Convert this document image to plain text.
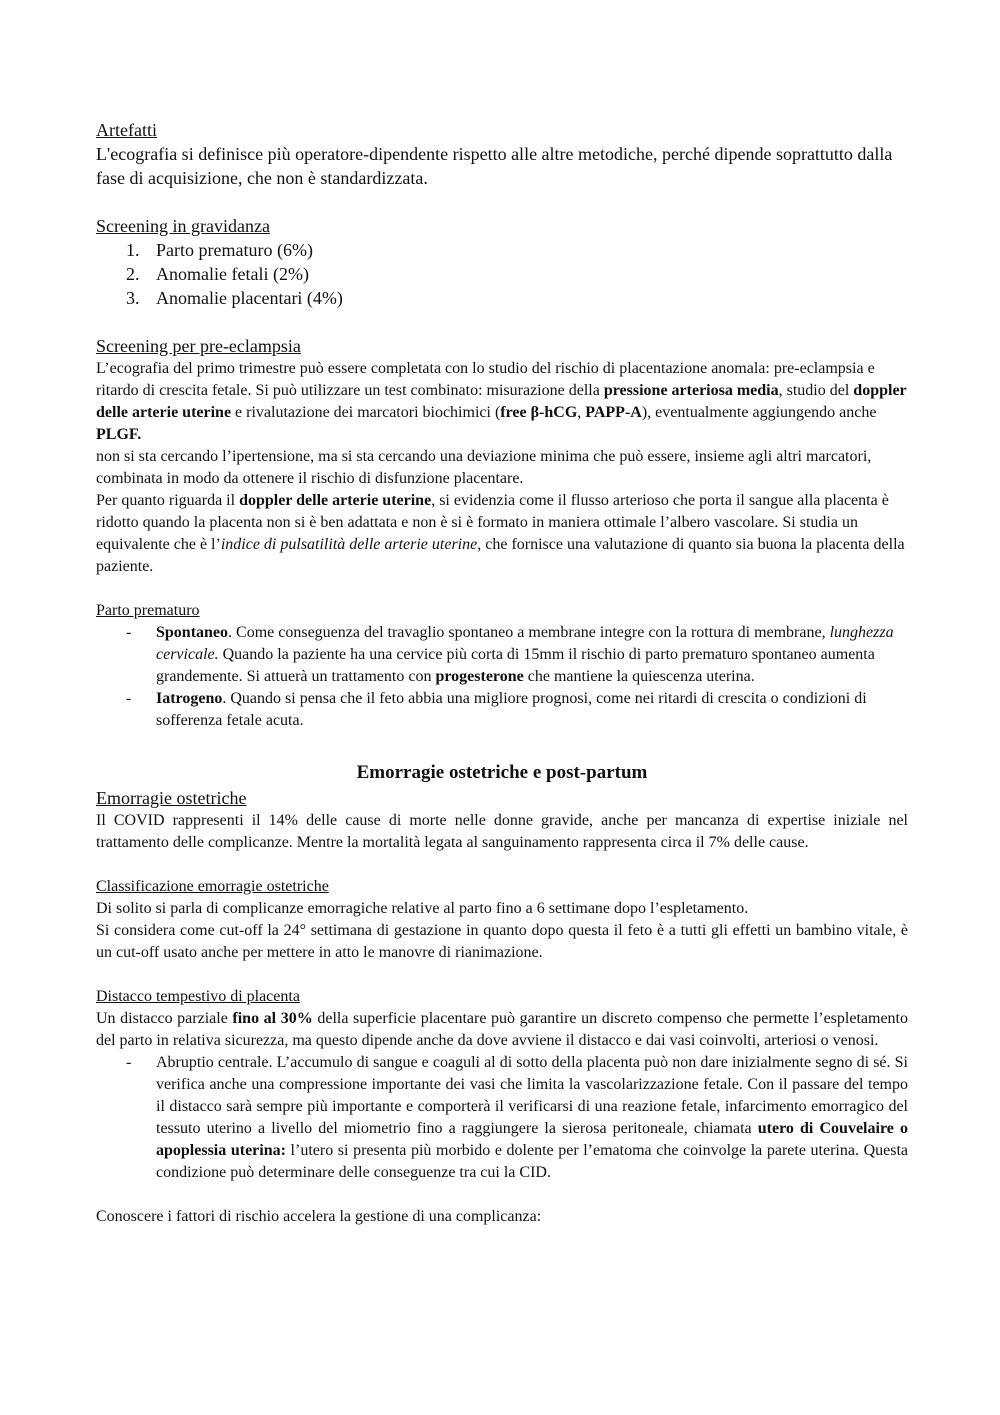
Artefatti

L'ecografia si definisce più operatore-dipendente rispetto alle altre metodiche, perché dipende soprattutto dalla fase di acquisizione, che non è standardizzata.

Screening in gravidanza

1. Parto prematuro (6%)
2. Anomalie fetali (2%)
3. Anomalie placentari (4%)

Screening per pre-eclampsia

L’ecografia del primo trimestre può essere completata con lo studio del rischio di placentazione anomala: pre-eclampsia e ritardo di crescita fetale. Si può utilizzare un test combinato: misurazione della pressione arteriosa media, studio del doppler delle arterie uterine e rivalutazione dei marcatori biochimici (free β-hCG, PAPP-A), eventualmente aggiungendo anche PLGF.

non si sta cercando l’ipertensione, ma si sta cercando una deviazione minima che può essere, insieme agli altri marcatori, combinata in modo da ottenere il rischio di disfunzione placentare.

Per quanto riguarda il doppler delle arterie uterine, si evidenzia come il flusso arterioso che porta il sangue alla placenta è ridotto quando la placenta non si è ben adattata e non è si è formato in maniera ottimale l’albero vascolare. Si studia un equivalente che è l’indice di pulsatilità delle arterie uterine, che fornisce una valutazione di quanto sia buona la placenta della paziente.

Parto prematuro

- Spontaneo. Come conseguenza del travaglio spontaneo a membrane integre con la rottura di membrane, lunghezza cervicale. Quando la paziente ha una cervice più corta di 15mm il rischio di parto prematuro spontaneo aumenta grandemente. Si attuerà un trattamento con progesterone che mantiene la quiescenza uterina.
- Iatrogeno. Quando si pensa che il feto abbia una migliore prognosi, come nei ritardi di crescita o condizioni di sofferenza fetale acuta.

Emorragie ostetriche e post-partum

Emorragie ostetriche

Il COVID rappresenti il 14% delle cause di morte nelle donne gravide, anche per mancanza di expertise iniziale nel trattamento delle complicanze. Mentre la mortalità legata al sanguinamento rappresenta circa il 7% delle cause.

Classificazione emorragie ostetriche

Di solito si parla di complicanze emorragiche relative al parto fino a 6 settimane dopo l’espletamento.

Si considera come cut-off la 24° settimana di gestazione in quanto dopo questa il feto è a tutti gli effetti un bambino vitale, è un cut-off usato anche per mettere in atto le manovre di rianimazione.

Distacco tempestivo di placenta

Un distacco parziale fino al 30% della superficie placentare può garantire un discreto compenso che permette l’espletamento del parto in relativa sicurezza, ma questo dipende anche da dove avviene il distacco e dai vasi coinvolti, arteriosi o venosi.

- Abruptio centrale. L’accumulo di sangue e coaguli al di sotto della placenta può non dare inizialmente segno di sé. Si verifica anche una compressione importante dei vasi che limita la vascolarizzazione fetale. Con il passare del tempo il distacco sarà sempre più importante e comporterà il verificarsi di una reazione fetale, infarcimento emorragico del tessuto uterino a livello del miometrio fino a raggiungere la sierosa peritoneale, chiamata utero di Couvelaire o apoplessia uterina: l’utero si presenta più morbido e dolente per l’ematoma che coinvolge la parete uterina. Questa condizione può determinare delle conseguenze tra cui la CID.

Conoscere i fattori di rischio accelera la gestione di una complicanza:
